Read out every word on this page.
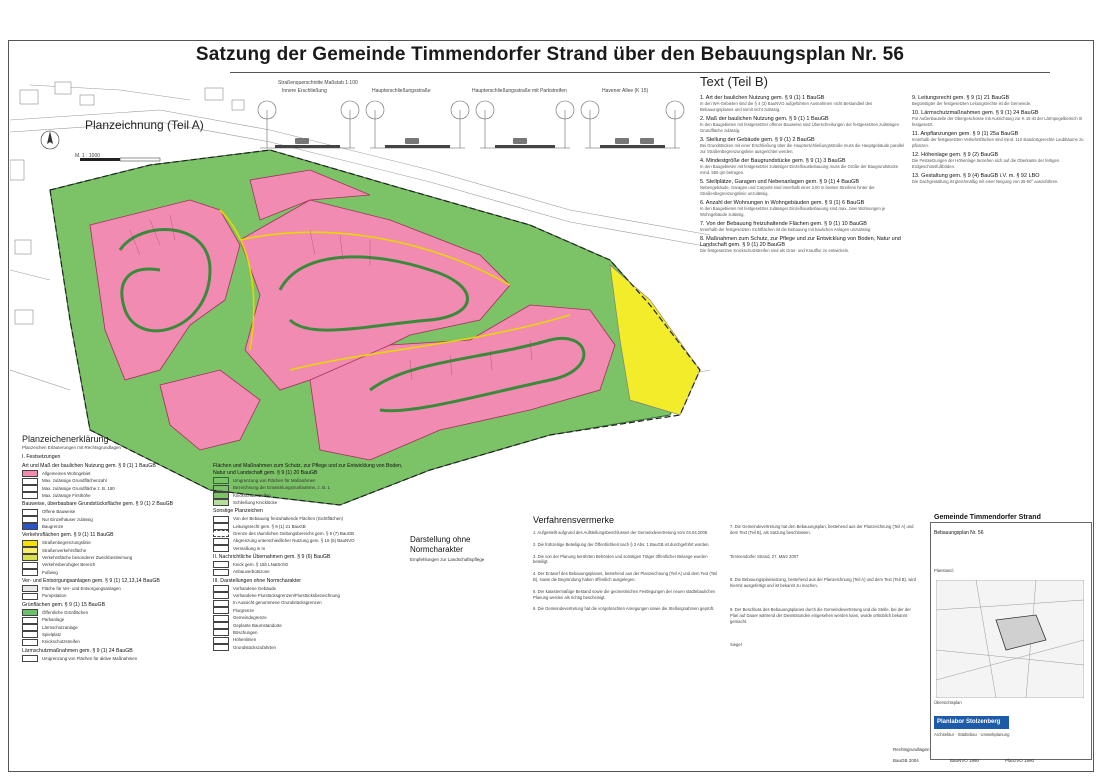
Satzung der Gemeinde Timmendorfer Strand über den Bebauungsplan Nr. 56
Planzeichnung (Teil A)
M. 1 : 1000
Straßenquerschnitte Maßstab 1:100
Innere Erschließung	Haupterschließungsstraße	Haupterschließungsstraße mit Parkstreifen	Havener Allee (K 15)
Text (Teil B)
1. Art der baulichen Nutzung gem. § 9 (1) 1 BauGB
In den WA-Gebieten sind die § 4 (3) BauNVO aufgeführten Ausnahmen nicht Bestandteil des Bebauungsplanes und somit nicht zulässig.
2. Maß der baulichen Nutzung gem. § 9 (1) 1 BauGB
In den Baugebieten mit festgesetzter offener Bauweise sind Überschreitungen der festgesetzten zulässigen Grundfläche zulässig.
3. Stellung der Gebäude gem. § 9 (1) 2 BauGB
Bei Grundstücken mit einer Erschließung über die Haupterschließungsstraße muss die Hauptgebäude parallel zur Straßenbegrenzungslinie ausgerichtet werden.
4. Mindestgröße der Baugrundstücke gem. § 9 (1) 3 BauGB
In den Baugebieten mit festgesetzter zulässiger Einzelhausbebauung muss die Größe der Baugrundstücke mind. 550 qm betragen.
5. Stellplätze, Garagen und Nebenanlagen gem. § 9 (1) 4 BauGB
Nebengebäude, Garagen und Carports sind innerhalb einer 3,00 m breiten Streifens hinter der Straßenbegrenzungslinie unzulässig.
6. Anzahl der Wohnungen in Wohngebäuden gem. § 9 (1) 6 BauGB
In den Baugebieten mit festgesetzter zulässiger Einzelhausbebauung sind max. zwei Wohnungen je Wohngebäude zulässig.
7. Von der Bebauung freizuhaltende Flächen gem. § 9 (1) 10 BauGB
Innerhalb der festgesetzten Sichtflächen ist die Bebauung mit baulichen Anlagen unzulässig.
8. Maßnahmen zum Schutz, zur Pflege und zur Entwicklung von Boden, Natur und Landschaft gem. § 9 (1) 20 BauGB
Die festgesetzten Knickschutzstreifen sind als Gras- und Krautflur zu entwickeln.
9. Leitungsrecht gem. § 9 (1) 21 BauGB
Begünstigter der festgesetzten Leitungsrechte ist die Gemeinde.
10. Lärmschutzmaßnahmen gem. § 9 (1) 24 BauGB
Für Außenbauteile der Obergeschosse mit Ausrichtung zur K 15 ist der Lärmpegelbereich III festgesetzt.
11. Anpflanzungen gem. § 9 (1) 25a BauGB
Innerhalb der festgesetzten Verkehrsflächen sind mind. 110 standortgerechte Laubbäume zu pflanzen.
12. Höhenlage gem. § 9 (2) BauGB
Die Festsetzungen der Höhenlage beziehen sich auf die Oberkante der fertigen Erdgeschossfußböden.
13. Gestaltung gem. § 9 (4) BauGB i.V. m. § 92 LBO
Die Dachgestaltung ist gleichmäßig mit einer Neigung von 25-50° auszuführen.
Planzeichenerklärung
Planzeichen Erläuterungen mit Rechtsgrundlagen
I. Festsetzungen
Art und Maß der baulichen Nutzung gem. § 9 (1) 1 BauGB
Allgemeines Wohngebiet
Max. zulässige Grundflächenzahl
Max. zulässige Grundfläche z. B. 150
Max. zulässige Firsthöhe
Bauweise, überbaubare Grundstücksfläche gem. § 9 (1) 2 BauGB
Offene Bauweise
Nur Einzelhäuser zulässig
Baugrenze
Verkehrsflächen gem. § 9 (1) 11 BauGB
Straßenbegrenzungslinie
Straßenverkehrsfläche
Verkehrsfläche besonderer Zweckbestimmung
Verkehrsberuhigter Bereich
Fußweg
Ver- und Entsorgungsanlagen gem. § 9 (1) 12,13,14 BauGB
Fläche für Ver- und Entsorgungsanlagen
Pumpstation
Grünflächen gem. § 9 (1) 15 BauGB
Öffentliche Grünflächen
Parkanlage
Lärmschutzanlage
Spielplatz
Knickschutzstreifen
Lärmschutzmaßnahmen gem. § 9 (1) 24 BauGB
Umgrenzung von Flächen für aktive Maßnahmen
Flächen und Maßnahmen zum Schutz, zur Pflege und zur Entwicklung von Boden, Natur und Landschaft gem. § 9 (1) 20 BauGB
Umgrenzung von Flächen für Maßnahmen
Bezeichnung der Entwicklungsmaßnahme, z. B. 1
Knickschutzstreifen
Schließung Knicklücke
Sonstige Planzeichen
Von der Bebauung freizuhaltende Flächen (Sichtflächen)
Leitungsrecht gem. § 9 (1) 21 BauGB
Grenze des räumlichen Geltungsbereichs gem. § 9 (7) BauGB
Abgrenzung unterschiedlicher Nutzung gem. § 16 (5) BauNVO
Vermaßung in m
II. Nachrichtliche Übernahmen gem. § 9 (6) BauGB
Knick gem. § 15b LNatSchG
Anbauverbotszone
III. Darstellungen ohne Normcharakter
Vorhandene Gebäude
Vorhandene Flurstücksgrenzen/Flurstücksbezeichnung
In Aussicht genommene Grundstücksgrenzen
Flurgrenze
Gemeindegrenze
Geplante Baumstandorte
Böschungen
Höhenlinien
Grundstückszufahrten
Darstellung ohne Normcharakter
Empfehlungen zur Landschaftspflege
Verfahrensvermerke
1. Aufgestellt aufgrund des Aufstellungsbeschlusses der Gemeindevertretung vom 04.04.2006.
2. Die frühzeitige Beteiligung der Öffentlichkeit nach § 3 Abs. 1 BauGB ist durchgeführt worden.
3. Die von der Planung berührten Behörden und sonstigen Träger öffentlicher Belange wurden beteiligt.
4. Der Entwurf des Bebauungsplanes, bestehend aus der Planzeichnung (Teil A) und dem Text (Teil B), sowie die Begründung haben öffentlich ausgelegen.
5. Der katastermäßige Bestand sowie die geometrischen Festlegungen der neuen städtebaulichen Planung werden als richtig bescheinigt.
6. Die Gemeindevertretung hat die vorgebrachten Anregungen sowie die Stellungnahmen geprüft.
7. Die Gemeindevertretung hat den Bebauungsplan, bestehend aus der Planzeichnung (Teil A) und dem Text (Teil B), als Satzung beschlossen.
Timmendorfer Strand, 27. März 2007
8. Die Bebauungsplansatzung, bestehend aus der Planzeichnung (Teil A) und dem Text (Teil B), wird hiermit ausgefertigt und ist bekannt zu machen.
9. Der Beschluss des Bebauungsplanes durch die Gemeindevertretung und die Stelle, bei der der Plan auf Dauer während der Dienststunden eingesehen werden kann, wurde ortsüblich bekannt gemacht.
Siegel
Gemeinde Timmendorfer Strand
Bebauungsplan Nr. 56
Planstand:
Übersichtsplan
Planlabor Stolzenberg
Architektur · Städtebau · Umweltplanung
Rechtsgrundlagen
BauGB 2004	BauNVO 1990	PlanzVO 1990
